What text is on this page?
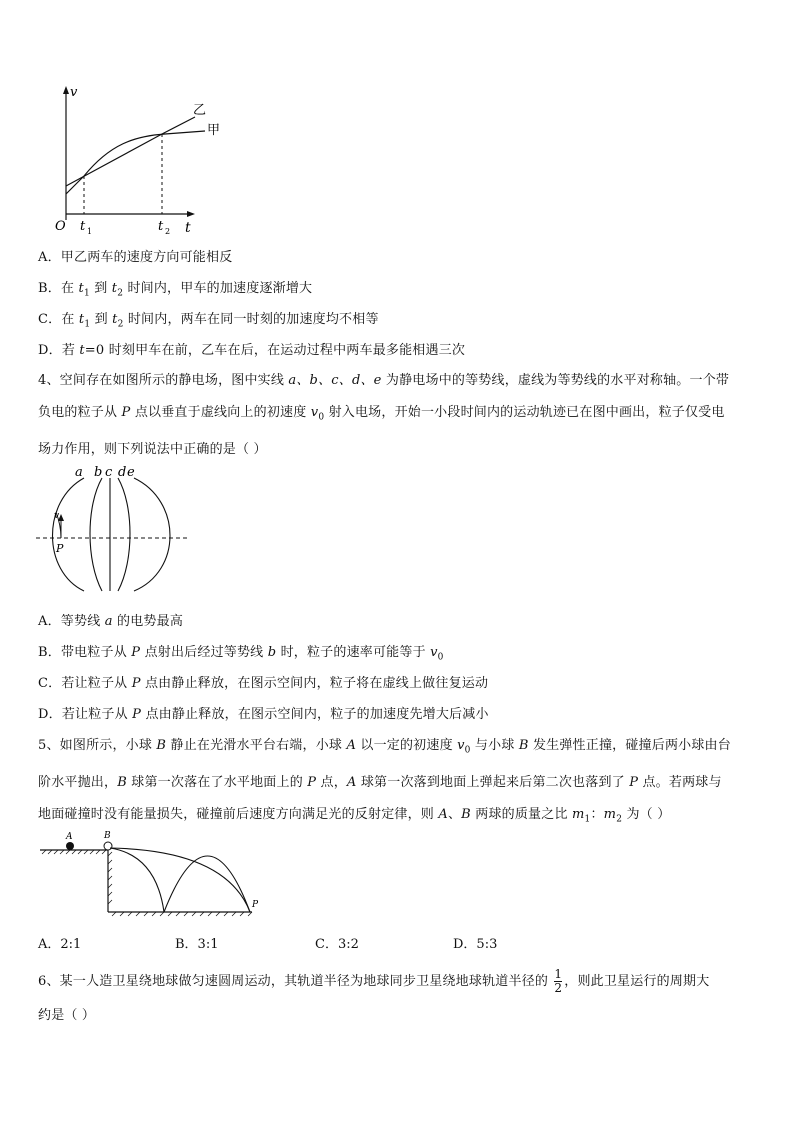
v
t
O t 1	t 2
乙
甲
A．甲乙两车的速度方向可能相反
B．在 $t_1$ 到 $t_2$ 时间内，甲车的加速度逐渐增大
C．在 $t_1$ 到 $t_2$ 时间内，两车在同一时刻的加速度均不相等
D．若 t=0 时刻甲车在前，乙车在后，在运动过程中两车最多能相遇三次
4、空间存在如图所示的静电场，图中实线 a、b、c、d、e 为静电场中的等势线，虚线为等势线的水平对称轴。一个带
负电的粒子从 P 点以垂直于虚线向上的初速度 $v_0$ 射入电场，开始一小段时间内的运动轨迹已在图中画出，粒子仅受电
场力作用，则下列说法中正确的是（ ）
a b c d e
v
P
A．等势线 a 的电势最高
B．带电粒子从 P 点射出后经过等势线 b 时，粒子的速率可能等于 $v_0$
C．若让粒子从 P 点由静止释放，在图示空间内，粒子将在虚线上做往复运动
D．若让粒子从 P 点由静止释放，在图示空间内，粒子的加速度先增大后减小
5、如图所示，小球 B 静止在光滑水平台右端，小球 A 以一定的初速度 $v_0$ 与小球 B 发生弹性正撞，碰撞后两小球由台
阶水平抛出，B 球第一次落在了水平地面上的 P 点，A 球第一次落到地面上弹起来后第二次也落到了 P 点。若两球与
地面碰撞时没有能量损失，碰撞前后速度方向满足光的反射定律，则 A、B 两球的质量之比 $m_1$：$m_2$ 为（ ）
A	B
P
A．2:1	B．3:1	C．3:2	D．5:3
6、某一人造卫星绕地球做匀速圆周运动，其轨道半径为地球同步卫星绕地球轨道半径的 $\frac{1}{2}$ ，则此卫星运行的周期大
约是（ ）
